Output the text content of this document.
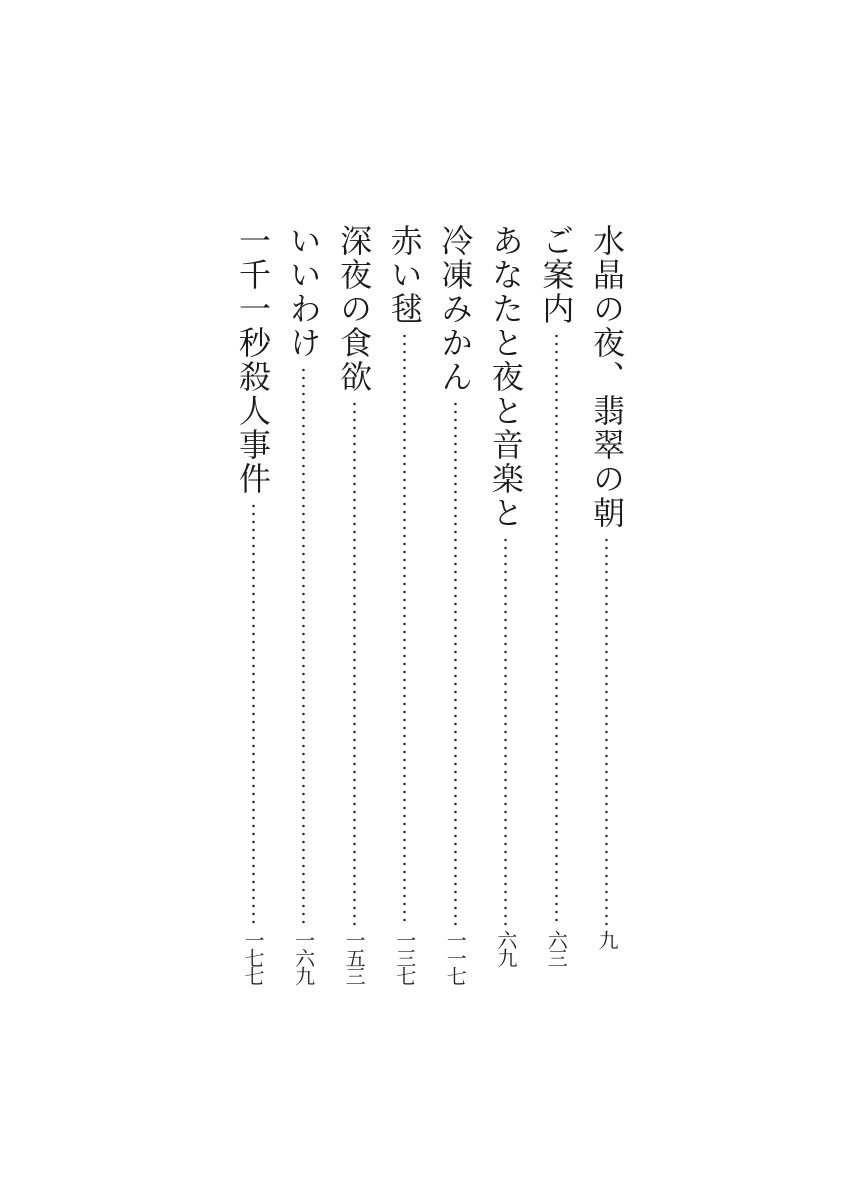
水晶の夜、翡翠の朝
九
ご案内
六三
あなたと夜と音楽と
六九
冷凍みかん
一一七
赤い毬
一三七
深夜の食欲
一五三
いいわけ
一六九
一千一秒殺人事件
一七七
